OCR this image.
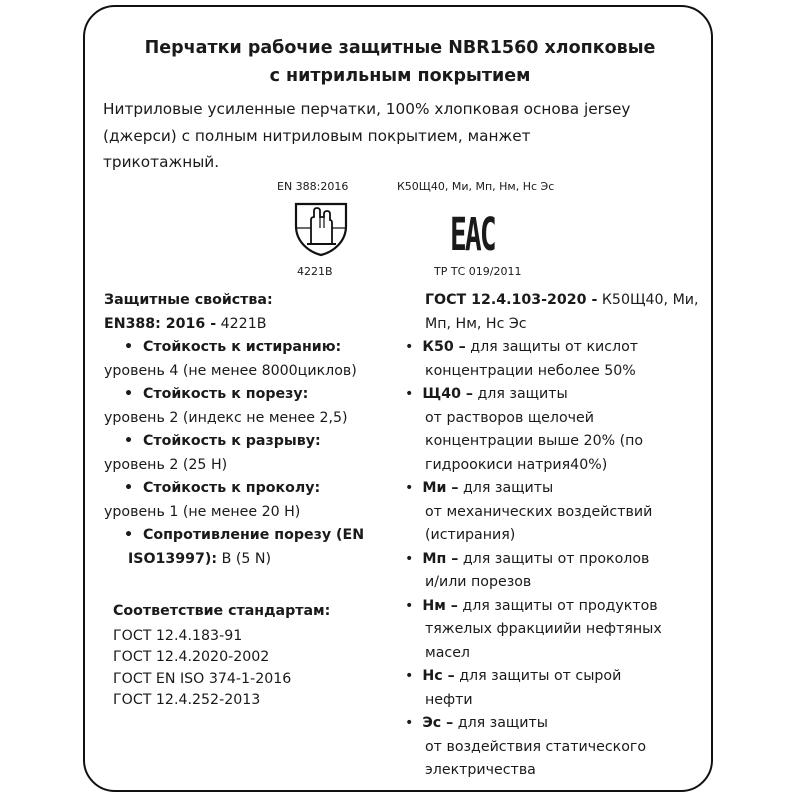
Перчатки рабочие защитные NBR1560 хлопковые
с нитрильным покрытием
Нитриловые усиленные перчатки, 100% хлопковая основа jersey
(джерси) с полным нитриловым покрытием, манжет
трикотажный.
EN 388:2016
4221B
К50Щ40, Ми, Мп, Нм, Нс Эс
EAC
ТР ТС 019/2011
Защитные свойства:
EN388: 2016 - 4221B
•  Стойкость к истиранию:
уровень 4 (не менее 8000циклов)
•  Стойкость к порезу:
уровень 2 (индекс не менее 2,5)
•  Стойкость к разрыву:
уровень 2 (25 Н)
•  Стойкость к проколу:
уровень 1 (не менее 20 Н)
•  Сопротивление порезу (EN
ISO13997): B (5 N)
Соответствие стандартам:
ГОСТ 12.4.183-91
ГОСТ 12.4.2020-2002
ГОСТ EN ISO 374-1-2016
ГОСТ 12.4.252-2013
ГОСТ 12.4.103-2020 - К50Щ40, Ми,
Мп, Нм, Нс Эс
•  К50 – для защиты от кислот
концентрации неболее 50%
•  Щ40 – для защиты
от растворов щелочей
концентрации выше 20% (по
гидроокиси натрия40%)
•  Ми – для защиты
от механических воздействий
(истирания)
•  Мп – для защиты от проколов
и/или порезов
•  Нм – для защиты от продуктов
тяжелых фракциийи нефтяных
масел
•  Нс – для защиты от сырой
нефти
•  Эс – для защиты
от воздействия статического
электричества
